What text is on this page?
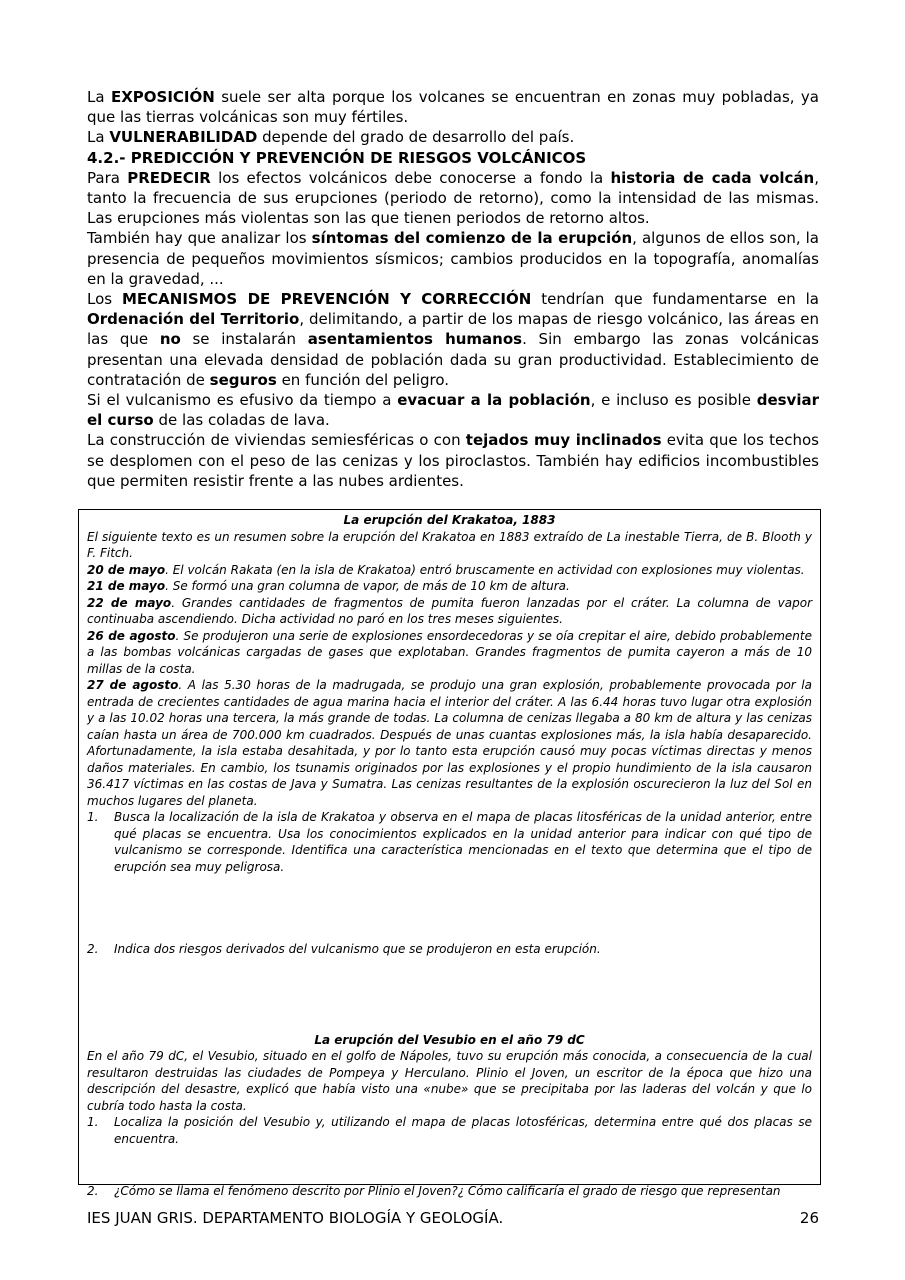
La EXPOSICIÓN suele ser alta porque los volcanes se encuentran en zonas muy pobladas, ya que las tierras volcánicas son muy fértiles.

La VULNERABILIDAD depende del grado de desarrollo del país.

4.2.- PREDICCIÓN Y PREVENCIÓN DE RIESGOS VOLCÁNICOS

Para PREDECIR los efectos volcánicos debe conocerse a fondo la historia de cada volcán, tanto la frecuencia de sus erupciones (periodo de retorno), como la intensidad de las mismas. Las erupciones más violentas son las que tienen periodos de retorno altos.

También hay que analizar los síntomas del comienzo de la erupción, algunos de ellos son, la presencia de pequeños movimientos sísmicos; cambios producidos en la topografía, anomalías en la gravedad, ...

Los MECANISMOS DE PREVENCIÓN Y CORRECCIÓN tendrían que fundamentarse en la Ordenación del Territorio, delimitando, a partir de los mapas de riesgo volcánico, las áreas en las que no se instalarán asentamientos humanos. Sin embargo las zonas volcánicas presentan una elevada densidad de población dada su gran productividad. Establecimiento de contratación de seguros en función del peligro.

Si el vulcanismo es efusivo da tiempo a evacuar a la población, e incluso es posible desviar el curso de las coladas de lava.

La construcción de viviendas semiesféricas o con tejados muy inclinados evita que los techos se desplomen con el peso de las cenizas y los piroclastos. También hay edificios incombustibles que permiten resistir frente a las nubes ardientes.

La erupción del Krakatoa, 1883

El siguiente texto es un resumen sobre la erupción del Krakatoa en 1883 extraído de La inestable Tierra, de B. Blooth y F. Fitch.

20 de mayo. El volcán Rakata (en la isla de Krakatoa) entró bruscamente en actividad con explosiones muy violentas.

21 de mayo. Se formó una gran columna de vapor, de más de 10 km de altura.

22 de mayo. Grandes cantidades de fragmentos de pumita fueron lanzadas por el cráter. La columna de vapor continuaba ascendiendo. Dicha actividad no paró en los tres meses siguientes.

26 de agosto. Se produjeron una serie de explosiones ensordecedoras y se oía crepitar el aire, debido probablemente a las bombas volcánicas cargadas de gases que explotaban. Grandes fragmentos de pumita cayeron a más de 10 millas de la costa.

27 de agosto. A las 5.30 horas de la madrugada, se produjo una gran explosión, probablemente provocada por la entrada de crecientes cantidades de agua marina hacia el interior del cráter. A las 6.44 horas tuvo lugar otra explosión y a las 10.02 horas una tercera, la más grande de todas. La columna de cenizas llegaba a 80 km de altura y las cenizas caían hasta un área de 700.000 km cuadrados. Después de unas cuantas explosiones más, la isla había desaparecido. Afortunadamente, la isla estaba desahitada, y por lo tanto esta erupción causó muy pocas víctimas directas y menos daños materiales. En cambio, los tsunamis originados por las explosiones y el propio hundimiento de la isla causaron 36.417 víctimas en las costas de Java y Sumatra. Las cenizas resultantes de la explosión oscurecieron la luz del Sol en muchos lugares del planeta.

1. Busca la localización de la isla de Krakatoa y observa en el mapa de placas litosféricas de la unidad anterior, entre qué placas se encuentra. Usa los conocimientos explicados en la unidad anterior para indicar con qué tipo de vulcanismo se corresponde. Identifica una característica mencionadas en el texto que determina que el tipo de erupción sea muy peligrosa.
2. Indica dos riesgos derivados del vulcanismo que se produjeron en esta erupción.

La erupción del Vesubio en el año 79 dC

En el año 79 dC, el Vesubio, situado en el golfo de Nápoles, tuvo su erupción más conocida, a consecuencia de la cual resultaron destruidas las ciudades de Pompeya y Herculano. Plinio el Joven, un escritor de la época que hizo una descripción del desastre, explicó que había visto una «nube» que se precipitaba por las laderas del volcán y que lo cubría todo hasta la costa.

1. Localiza la posición del Vesubio y, utilizando el mapa de placas lotosféricas, determina entre qué dos placas se encuentra.
2. ¿Cómo se llama el fenómeno descrito por Plinio el Joven?¿ Cómo calificaría el grado de riesgo que representan
IES JUAN GRIS. DEPARTAMENTO BIOLOGÍA Y GEOLOGÍA.	26
